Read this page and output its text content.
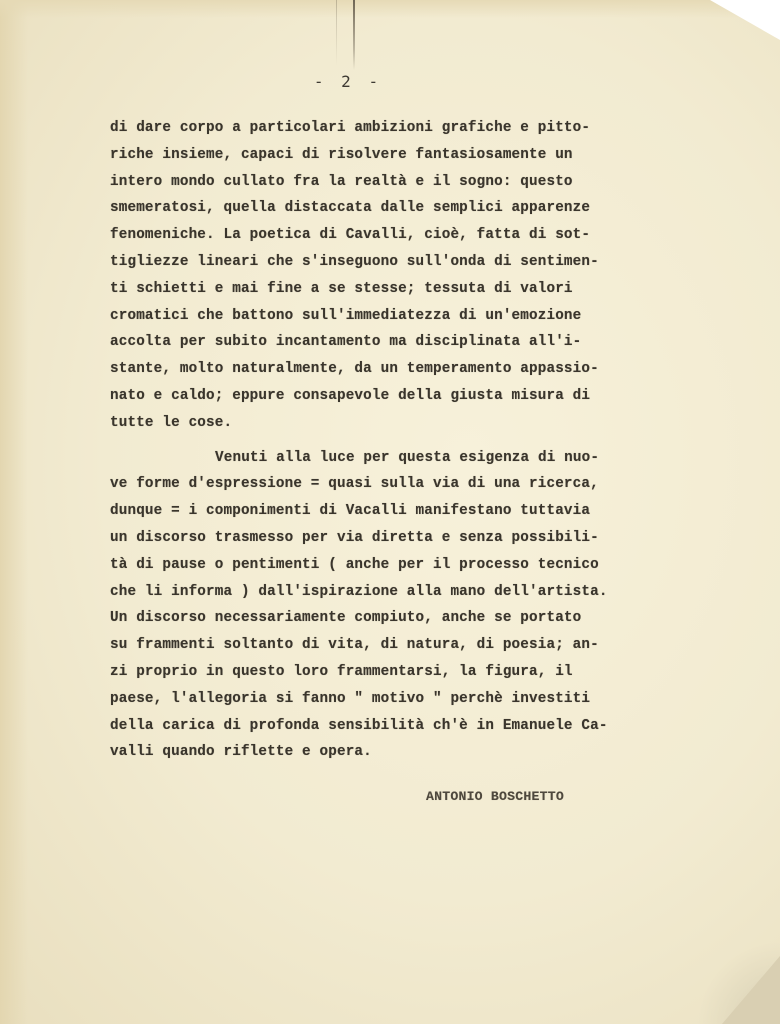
- 2 -
di dare corpo a particolari ambizioni grafiche e pitto-
riche insieme, capaci di risolvere fantasiosamente un
intero mondo cullato fra la realtà e il sogno: questo
smemeratosi, quella distaccata dalle semplici apparenze
fenomeniche. La poetica di Cavalli, cioè, fatta di sot-
tigliezze lineari che s'inseguono sull'onda di sentimen-
ti schietti e mai fine a se stesse; tessuta di valori
cromatici che battono sull'immediatezza di un'emozione
accolta per subito incantamento ma disciplinata all'i-
stante, molto naturalmente, da un temperamento appassio-
nato e caldo; eppure consapevole della giusta misura di
tutte le cose.
Venuti alla luce per questa esigenza di nuo-
ve forme d'espressione = quasi sulla via di una ricerca,
dunque = i componimenti di Vacalli manifestano tuttavia
un discorso trasmesso per via diretta e senza possibili-
tà di pause o pentimenti ( anche per il processo tecnico
che li informa ) dall'ispirazione alla mano dell'artista.
Un discorso necessariamente compiuto, anche se portato
su frammenti soltanto di vita, di natura, di poesia; an-
zi proprio in questo loro frammentarsi, la figura, il
paese, l'allegoria si fanno " motivo " perchè investiti
della carica di profonda sensibilità ch'è in Emanuele Ca-
valli quando riflette e opera.
ANTONIO BOSCHETTO
